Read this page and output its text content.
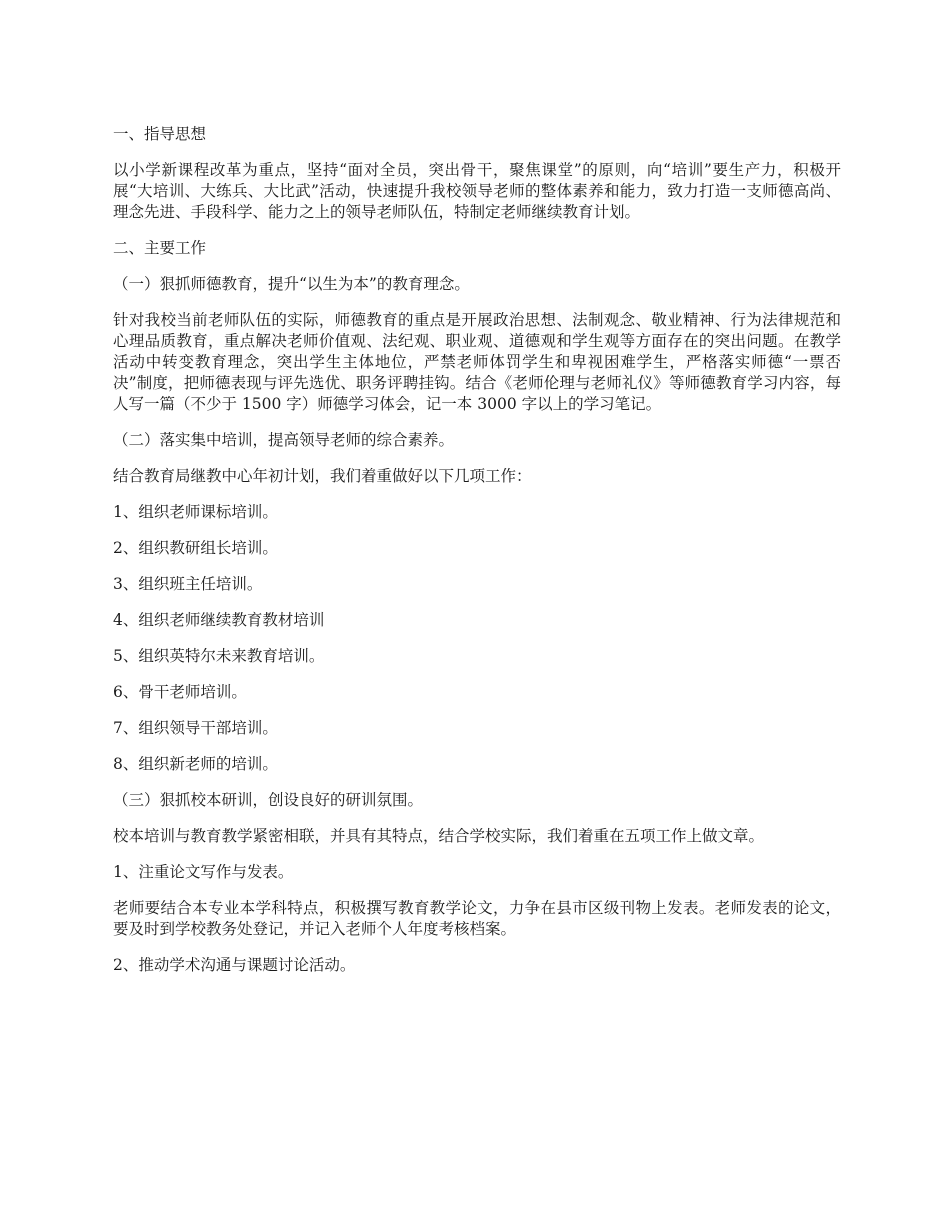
一、指导思想

以小学新课程改革为重点，坚持“面对全员，突出骨干，聚焦课堂”的原则，向“培训”要生产力，积极开展“大培训、大练兵、大比武”活动，快速提升我校领导老师的整体素养和能力，致力打造一支师德高尚、理念先进、手段科学、能力之上的领导老师队伍，特制定老师继续教育计划。

二、主要工作

（一）狠抓师德教育，提升“以生为本”的教育理念。

针对我校当前老师队伍的实际，师德教育的重点是开展政治思想、法制观念、敬业精神、行为法律规范和心理品质教育，重点解决老师价值观、法纪观、职业观、道德观和学生观等方面存在的突出问题。在教学活动中转变教育理念，突出学生主体地位，严禁老师体罚学生和卑视困难学生，严格落实师德“一票否决”制度，把师德表现与评先选优、职务评聘挂钩。结合《老师伦理与老师礼仪》等师德教育学习内容，每人写一篇（不少于 1500 字）师德学习体会，记一本 3000 字以上的学习笔记。

（二）落实集中培训，提高领导老师的综合素养。

结合教育局继教中心年初计划，我们着重做好以下几项工作：

1、组织老师课标培训。

2、组织教研组长培训。

3、组织班主任培训。

4、组织老师继续教育教材培训

5、组织英特尔未来教育培训。

6、骨干老师培训。

7、组织领导干部培训。

8、组织新老师的培训。

（三）狠抓校本研训，创设良好的研训氛围。

校本培训与教育教学紧密相联，并具有其特点，结合学校实际，我们着重在五项工作上做文章。

1、注重论文写作与发表。

老师要结合本专业本学科特点，积极撰写教育教学论文，力争在县市区级刊物上发表。老师发表的论文，要及时到学校教务处登记，并记入老师个人年度考核档案。

2、推动学术沟通与课题讨论活动。
